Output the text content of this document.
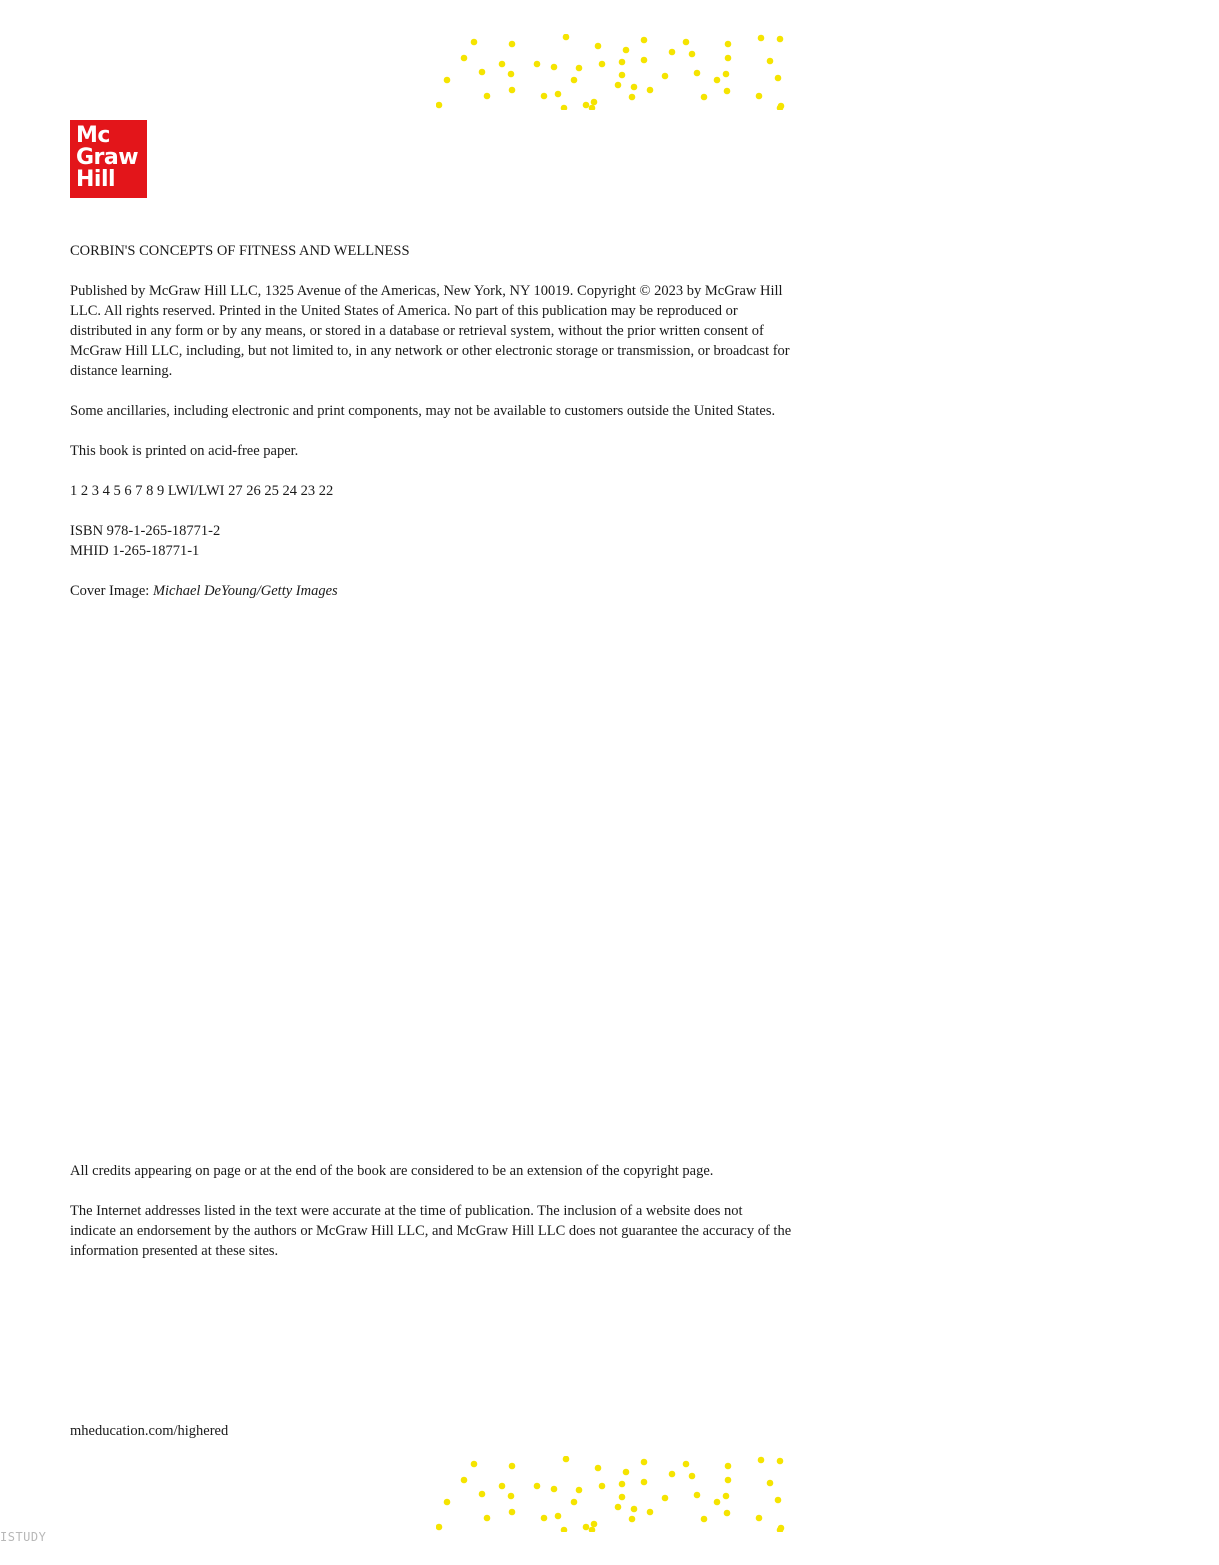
Mc
Graw
Hill
CORBIN'S CONCEPTS OF FITNESS AND WELLNESS

Published by McGraw Hill LLC, 1325 Avenue of the Americas, New York, NY 10019. Copyright © 2023 by McGraw Hill LLC. All rights reserved. Printed in the United States of America. No part of this publication may be reproduced or distributed in any form or by any means, or stored in a database or retrieval system, without the prior written consent of McGraw Hill LLC, including, but not limited to, in any network or other electronic storage or transmission, or broadcast for distance learning.

Some ancillaries, including electronic and print components, may not be available to customers outside the United States.

This book is printed on acid-free paper.

1 2 3 4 5 6 7 8 9 LWI/LWI 27 26 25 24 23 22

ISBN 978-1-265-18771-2
MHID 1-265-18771-1

Cover Image: Michael DeYoung/Getty Images

All credits appearing on page or at the end of the book are considered to be an extension of the copyright page.

The Internet addresses listed in the text were accurate at the time of publication. The inclusion of a website does not indicate an endorsement by the authors or McGraw Hill LLC, and McGraw Hill LLC does not guarantee the accuracy of the information presented at these sites.

mheducation.com/highered
ISTUDY
